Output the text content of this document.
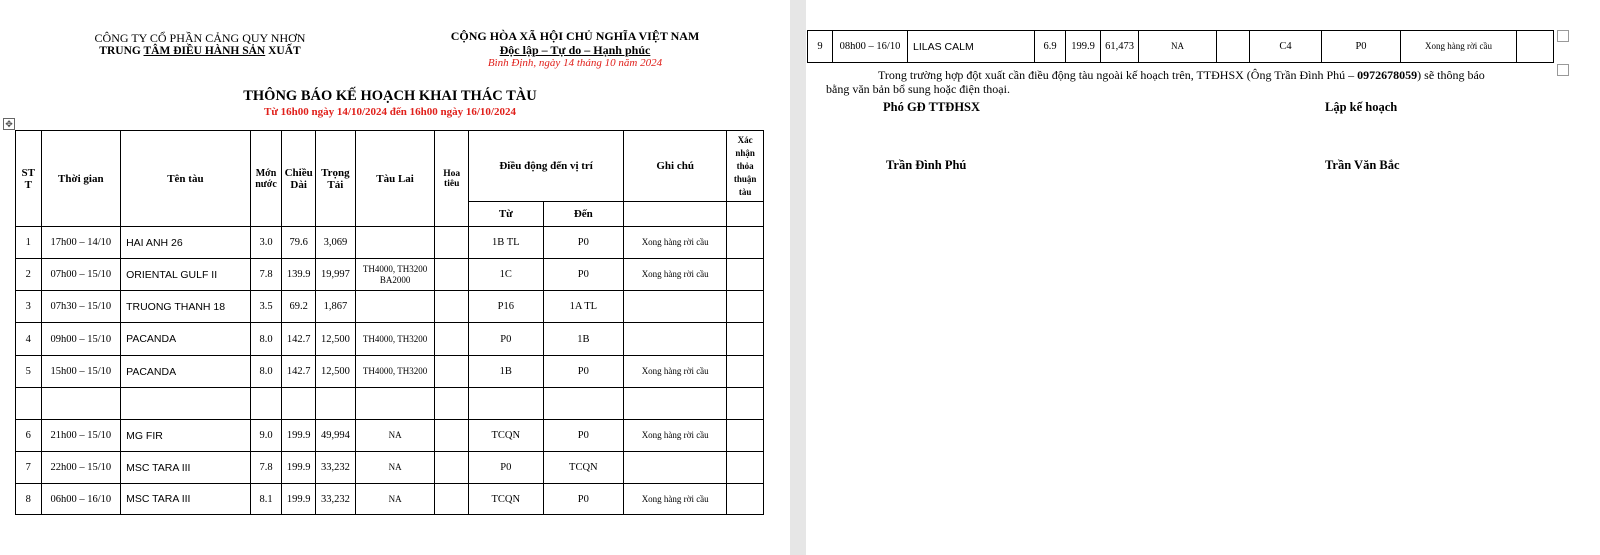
CÔNG TY CỔ PHẦN CẢNG QUY NHƠN
TRUNG TÂM ĐIỀU HÀNH SẢN XUẤT
CỘNG HÒA XÃ HỘI CHỦ NGHĨA VIỆT NAM
Độc lập – Tự do – Hạnh phúc
Bình Định, ngày 14 tháng 10 năm 2024
THÔNG BÁO KẾ HOẠCH KHAI THÁC TÀU
Từ 16h00 ngày 14/10/2024 đến 16h00 ngày 16/10/2024
✥
ST T	Thời gian	Tên tàu	Mớn nước	Chiều Dài	Trọng Tải	Tàu Lai	Hoa tiêu	Điều động đến vị trí		Ghi chú	Xác nhận thỏa thuận tàu
								Từ	Đến		
1	17h00 – 14/10	HAI ANH 26	3.0	79.6	3,069			1B TL	P0	Xong hàng rời cầu	
2	07h00 – 15/10	ORIENTAL GULF II	7.8	139.9	19,997	TH4000, TH3200 BA2000		1C	P0	Xong hàng rời cầu	
3	07h30 – 15/10	TRUONG THANH 18	3.5	69.2	1,867			P16	1A TL		
4	09h00 – 15/10	PACANDA	8.0	142.7	12,500	TH4000, TH3200		P0	1B		
5	15h00 – 15/10	PACANDA	8.0	142.7	12,500	TH4000, TH3200		1B	P0	Xong hàng rời cầu	

6	21h00 – 15/10	MG FIR	9.0	199.9	49,994	NA		TCQN	P0	Xong hàng rời cầu	
7	22h00 – 15/10	MSC TARA III	7.8	199.9	33,232	NA		P0	TCQN		
8	06h00 – 16/10	MSC TARA III	8.1	199.9	33,232	NA		TCQN	P0	Xong hàng rời cầu	
9	08h00 – 16/10	LILAS CALM	6.9	199.9	61,473	NA		C4	P0	Xong hàng rời cầu	
Trong trường hợp đột xuất cần điều động tàu ngoài kế hoạch trên, TTĐHSX (Ông Trần Đình Phú – 0972678059) sẽ thông báo
bằng văn bản bổ sung hoặc điện thoại.
Phó GĐ TTĐHSX	Lập kế hoạch
Trần Đình Phú	Trần Văn Bắc
